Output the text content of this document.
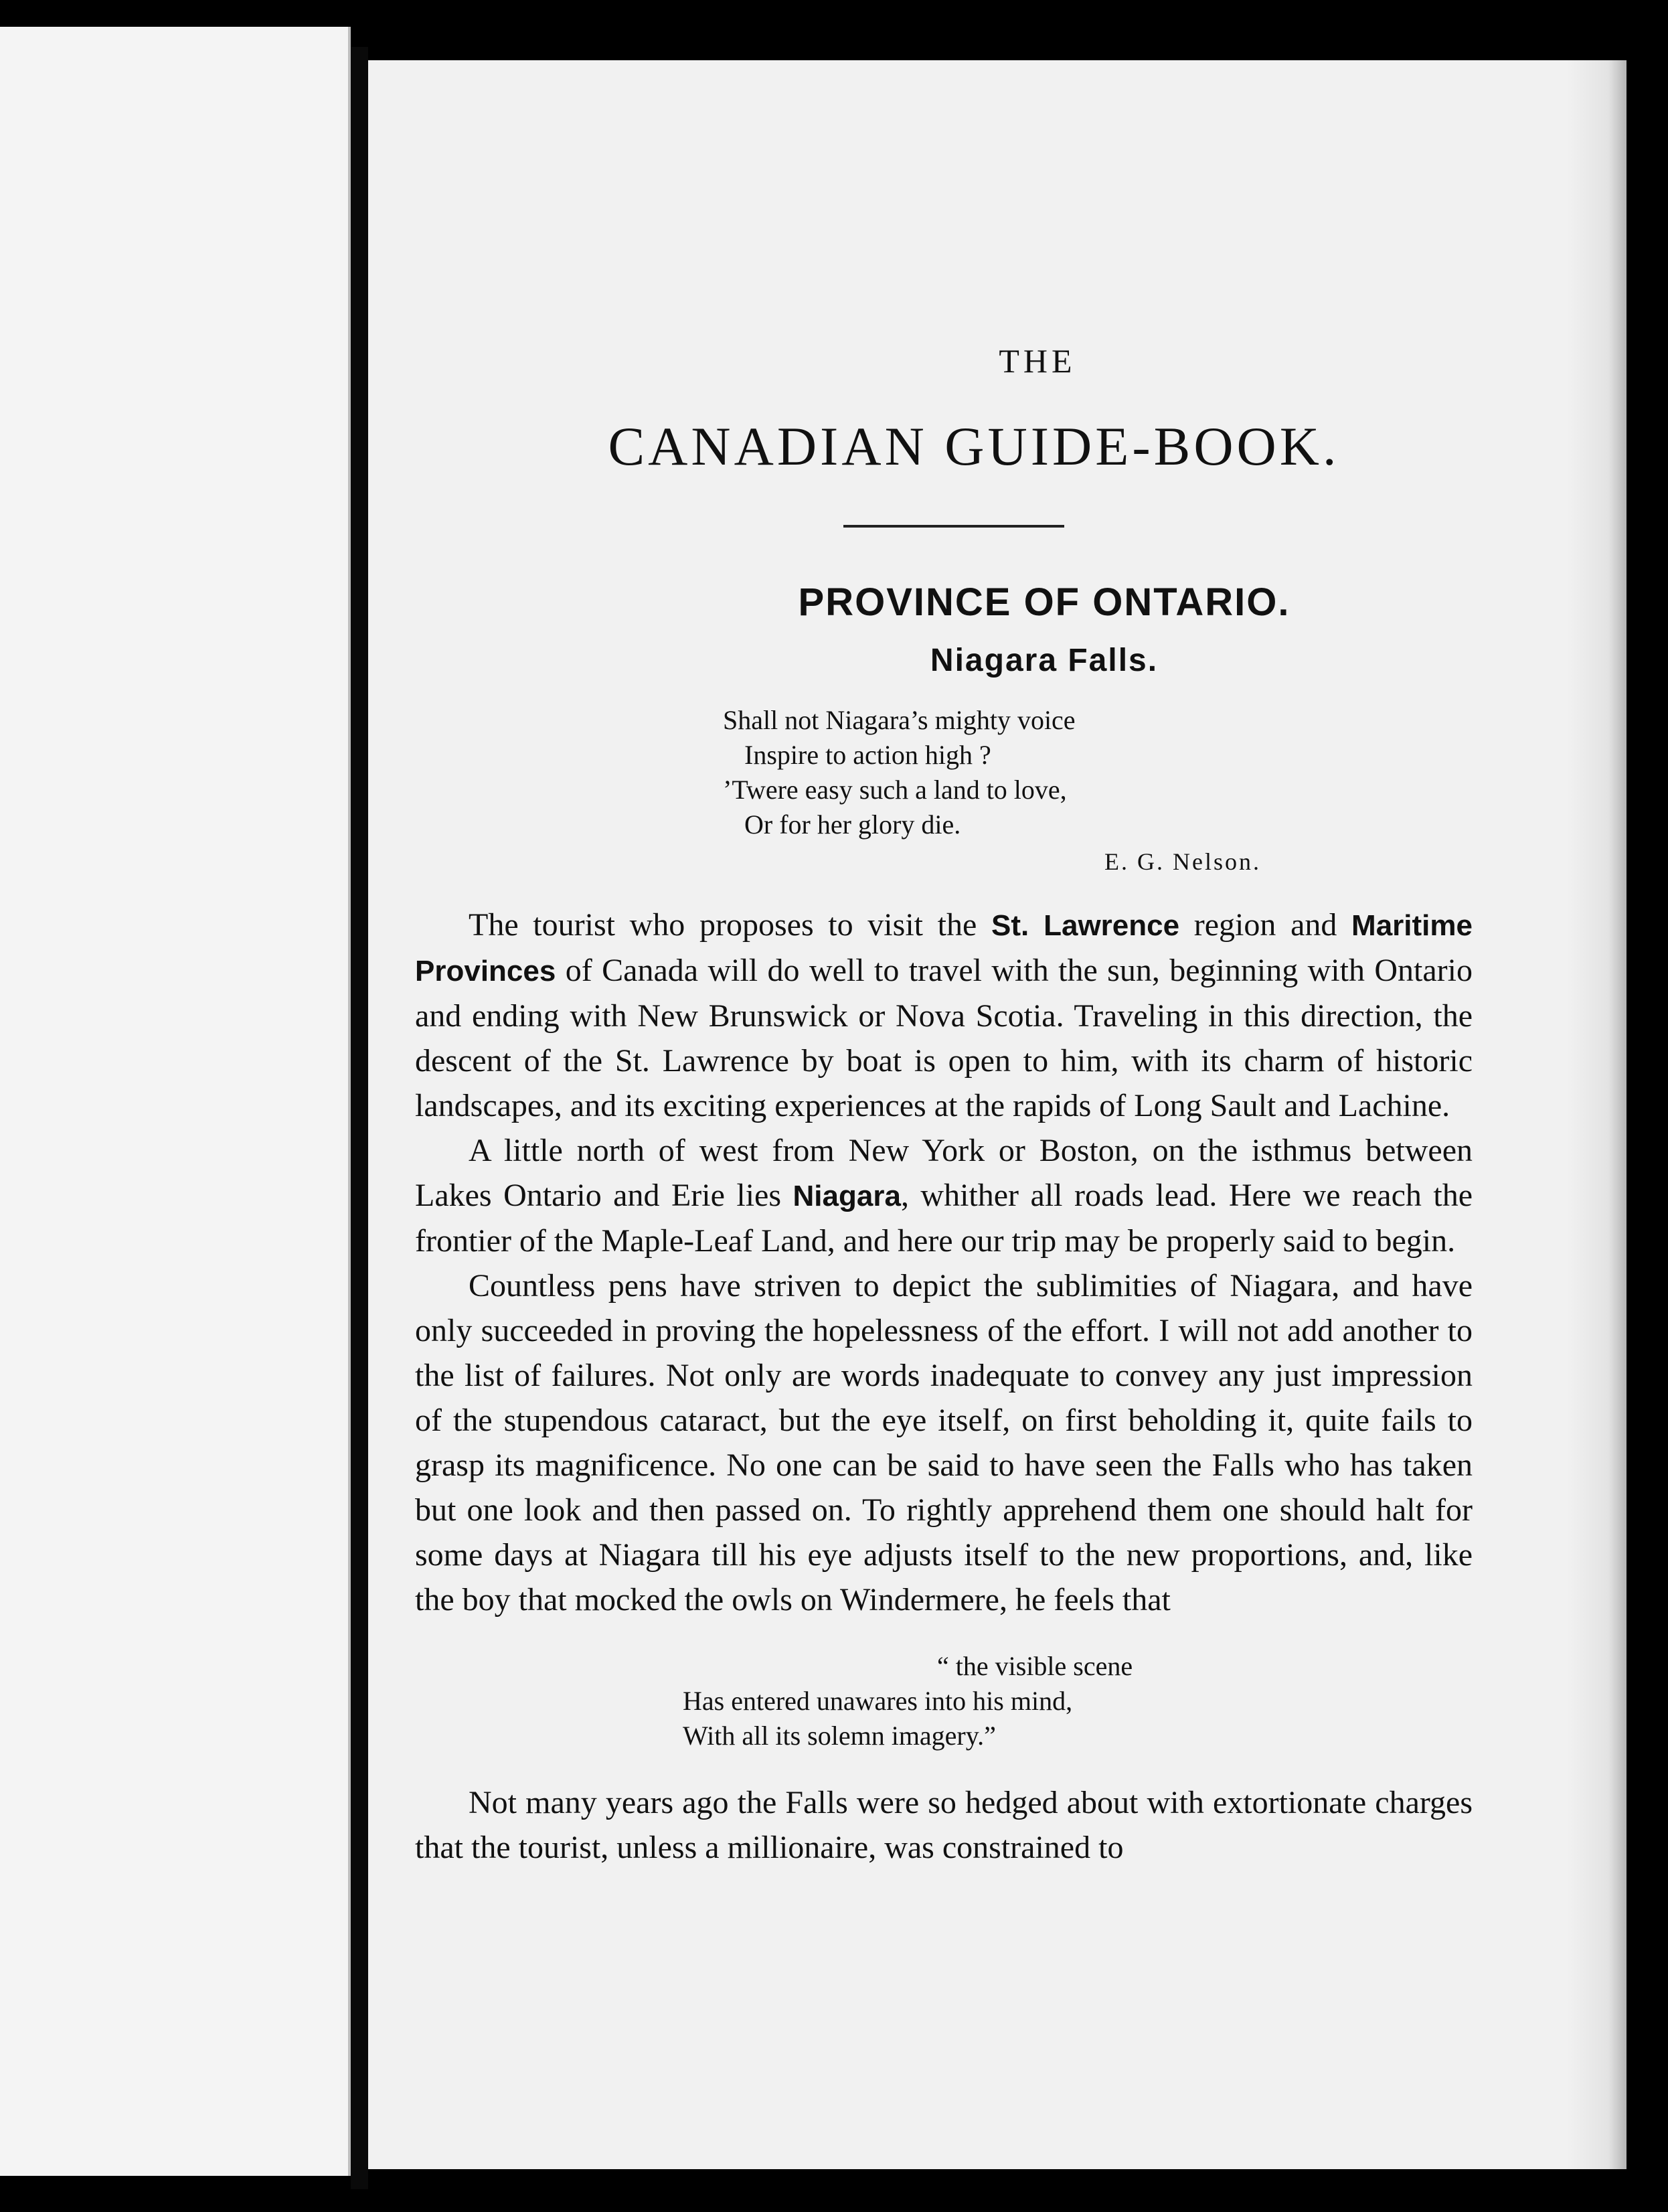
THE
CANADIAN GUIDE-BOOK.
PROVINCE OF ONTARIO.
Niagara Falls.
Shall not Niagara’s mighty voice
Inspire to action high ?
’Twere easy such a land to love,
Or for her glory die.
E. G. Nelson.

The tourist who proposes to visit the St. Lawrence region and Maritime Provinces of Canada will do well to travel with the sun, beginning with Ontario and ending with New Brunswick or Nova Scotia. Traveling in this direction, the descent of the St. Lawrence by boat is open to him, with its charm of historic landscapes, and its exciting experiences at the rapids of Long Sault and Lachine.

A little north of west from New York or Boston, on the isthmus between Lakes Ontario and Erie lies Niagara, whither all roads lead. Here we reach the frontier of the Maple-Leaf Land, and here our trip may be properly said to begin.

Countless pens have striven to depict the sublimities of Niagara, and have only succeeded in proving the hopelessness of the effort. I will not add another to the list of failures. Not only are words inadequate to convey any just impression of the stupendous cataract, but the eye itself, on first beholding it, quite fails to grasp its magnificence. No one can be said to have seen the Falls who has taken but one look and then passed on. To rightly apprehend them one should halt for some days at Niagara till his eye adjusts itself to the new proportions, and, like the boy that mocked the owls on Windermere, he feels that

“ the visible scene
Has entered unawares into his mind,
With all its solemn imagery.”

Not many years ago the Falls were so hedged about with extortionate charges that the tourist, unless a millionaire, was constrained to
